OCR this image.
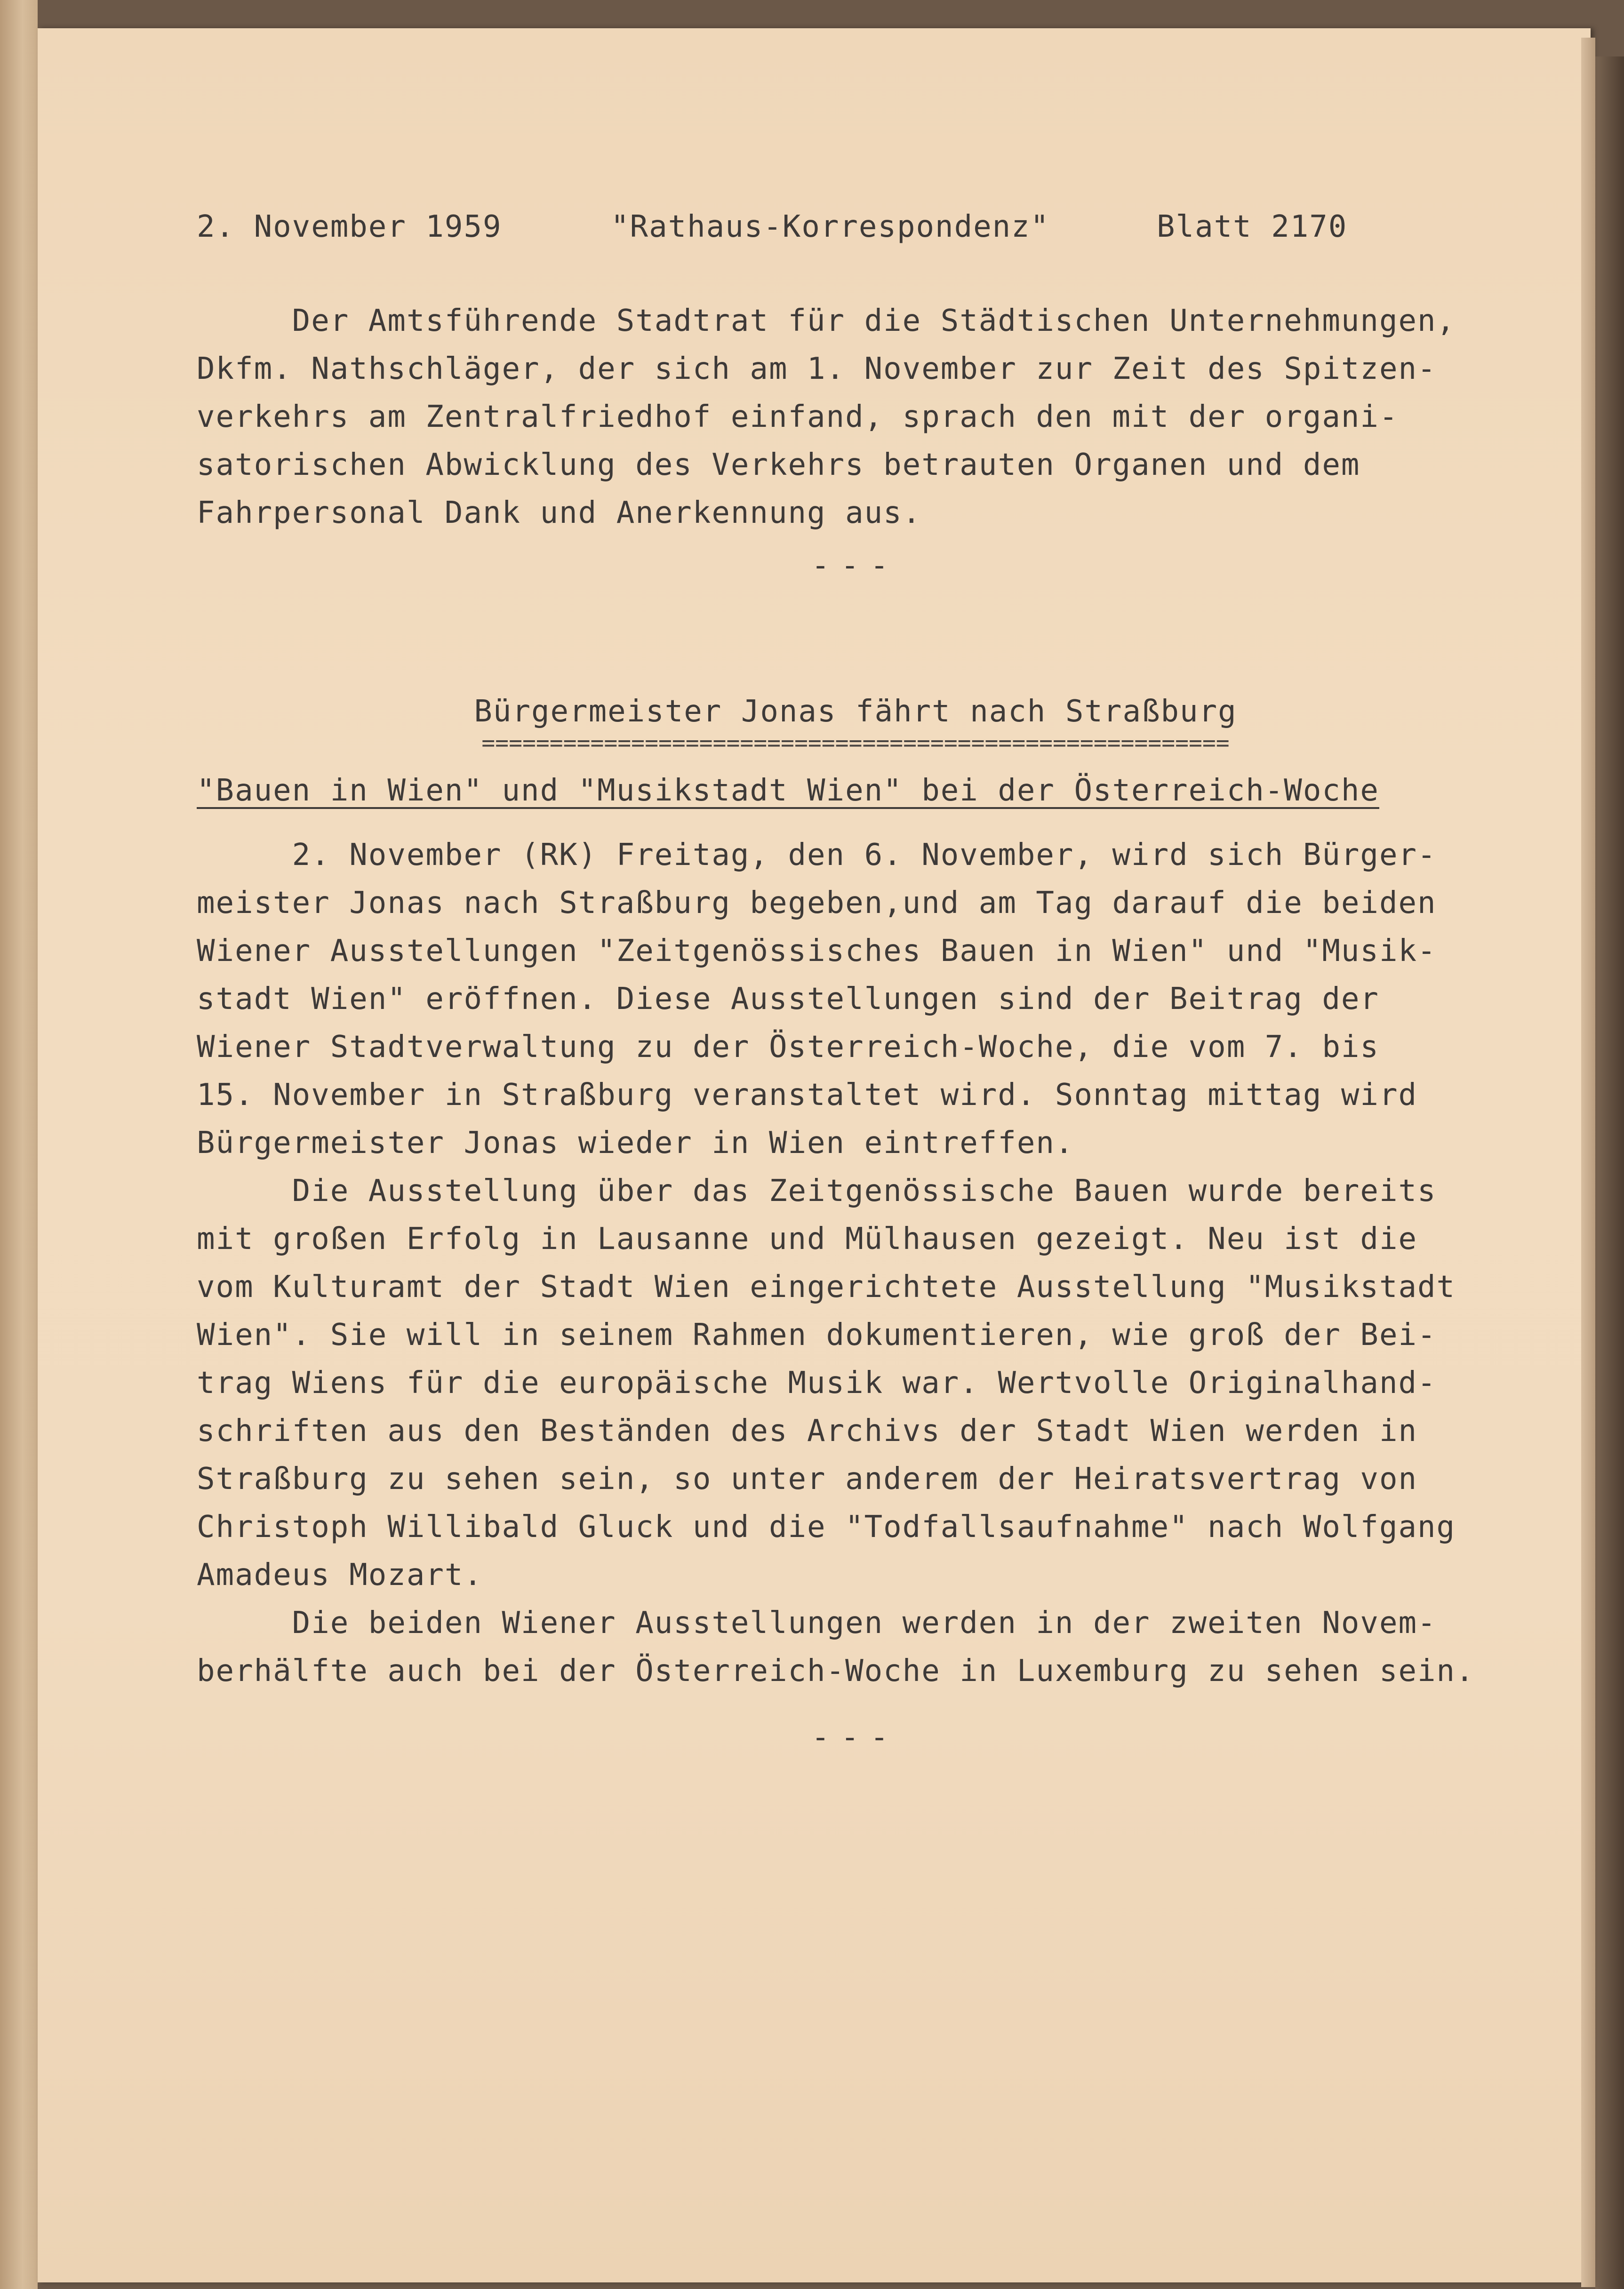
2. November 1959	"Rathaus-Korrespondenz"	Blatt 2170
Der Amtsführende Stadtrat für die Städtischen Unternehmungen,
Dkfm. Nathschläger, der sich am 1. November zur Zeit des Spitzen-
verkehrs am Zentralfriedhof einfand, sprach den mit der organi-
satorischen Abwicklung des Verkehrs betrauten Organen und dem
Fahrpersonal Dank und Anerkennung aus.
---
Bürgermeister Jonas fährt nach Straßburg
=======================================================
"Bauen in Wien" und "Musikstadt Wien" bei der Österreich-Woche
2. November (RK) Freitag, den 6. November, wird sich Bürger-
meister Jonas nach Straßburg begeben,und am Tag darauf die beiden
Wiener Ausstellungen "Zeitgenössisches Bauen in Wien" und "Musik-
stadt Wien" eröffnen. Diese Ausstellungen sind der Beitrag der
Wiener Stadtverwaltung zu der Österreich-Woche, die vom 7. bis
15. November in Straßburg veranstaltet wird. Sonntag mittag wird
Bürgermeister Jonas wieder in Wien eintreffen.
Die Ausstellung über das Zeitgenössische Bauen wurde bereits
mit großen Erfolg in Lausanne und Mülhausen gezeigt. Neu ist die
vom Kulturamt der Stadt Wien eingerichtete Ausstellung "Musikstadt
Wien". Sie will in seinem Rahmen dokumentieren, wie groß der Bei-
trag Wiens für die europäische Musik war. Wertvolle Originalhand-
schriften aus den Beständen des Archivs der Stadt Wien werden in
Straßburg zu sehen sein, so unter anderem der Heiratsvertrag von
Christoph Willibald Gluck und die "Todfallsaufnahme" nach Wolfgang
Amadeus Mozart.
Die beiden Wiener Ausstellungen werden in der zweiten Novem-
berhälfte auch bei der Österreich-Woche in Luxemburg zu sehen sein.
---
